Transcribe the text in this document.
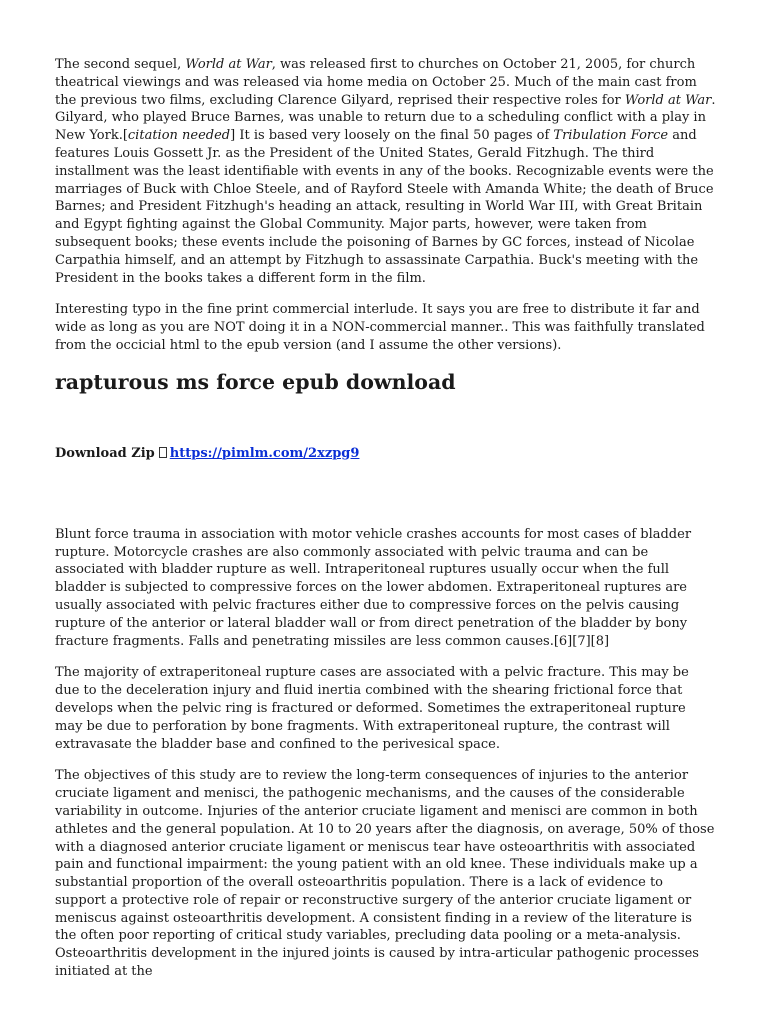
The second sequel, World at War, was released first to churches on October 21, 2005, for church theatrical viewings and was released via home media on October 25. Much of the main cast from the previous two films, excluding Clarence Gilyard, reprised their respective roles for World at War. Gilyard, who played Bruce Barnes, was unable to return due to a scheduling conflict with a play in New York.[citation needed] It is based very loosely on the final 50 pages of Tribulation Force and features Louis Gossett Jr. as the President of the United States, Gerald Fitzhugh. The third installment was the least identifiable with events in any of the books. Recognizable events were the marriages of Buck with Chloe Steele, and of Rayford Steele with Amanda White; the death of Bruce Barnes; and President Fitzhugh's heading an attack, resulting in World War III, with Great Britain and Egypt fighting against the Global Community. Major parts, however, were taken from subsequent books; these events include the poisoning of Barnes by GC forces, instead of Nicolae Carpathia himself, and an attempt by Fitzhugh to assassinate Carpathia. Buck's meeting with the President in the books takes a different form in the film.

Interesting typo in the fine print commercial interlude. It says you are free to distribute it far and wide as long as you are NOT doing it in a NON-commercial manner.. This was faithfully translated from the occicial html to the epub version (and I assume the other versions).

rapturous ms force epub download
Download Zip https://pimlm.com/2xzpg9

Blunt force trauma in association with motor vehicle crashes accounts for most cases of bladder rupture. Motorcycle crashes are also commonly associated with pelvic trauma and can be associated with bladder rupture as well. Intraperitoneal ruptures usually occur when the full bladder is subjected to compressive forces on the lower abdomen. Extraperitoneal ruptures are usually associated with pelvic fractures either due to compressive forces on the pelvis causing rupture of the anterior or lateral bladder wall or from direct penetration of the bladder by bony fracture fragments. Falls and penetrating missiles are less common causes.[6][7][8]

The majority of extraperitoneal rupture cases are associated with a pelvic fracture. This may be due to the deceleration injury and fluid inertia combined with the shearing frictional force that develops when the pelvic ring is fractured or deformed. Sometimes the extraperitoneal rupture may be due to perforation by bone fragments. With extraperitoneal rupture, the contrast will extravasate the bladder base and confined to the perivesical space.

The objectives of this study are to review the long-term consequences of injuries to the anterior cruciate ligament and menisci, the pathogenic mechanisms, and the causes of the considerable variability in outcome. Injuries of the anterior cruciate ligament and menisci are common in both athletes and the general population. At 10 to 20 years after the diagnosis, on average, 50% of those with a diagnosed anterior cruciate ligament or meniscus tear have osteoarthritis with associated pain and functional impairment: the young patient with an old knee. These individuals make up a substantial proportion of the overall osteoarthritis population. There is a lack of evidence to support a protective role of repair or reconstructive surgery of the anterior cruciate ligament or meniscus against osteoarthritis development. A consistent finding in a review of the literature is the often poor reporting of critical study variables, precluding data pooling or a meta-analysis. Osteoarthritis development in the injured joints is caused by intra-articular pathogenic processes initiated at the
